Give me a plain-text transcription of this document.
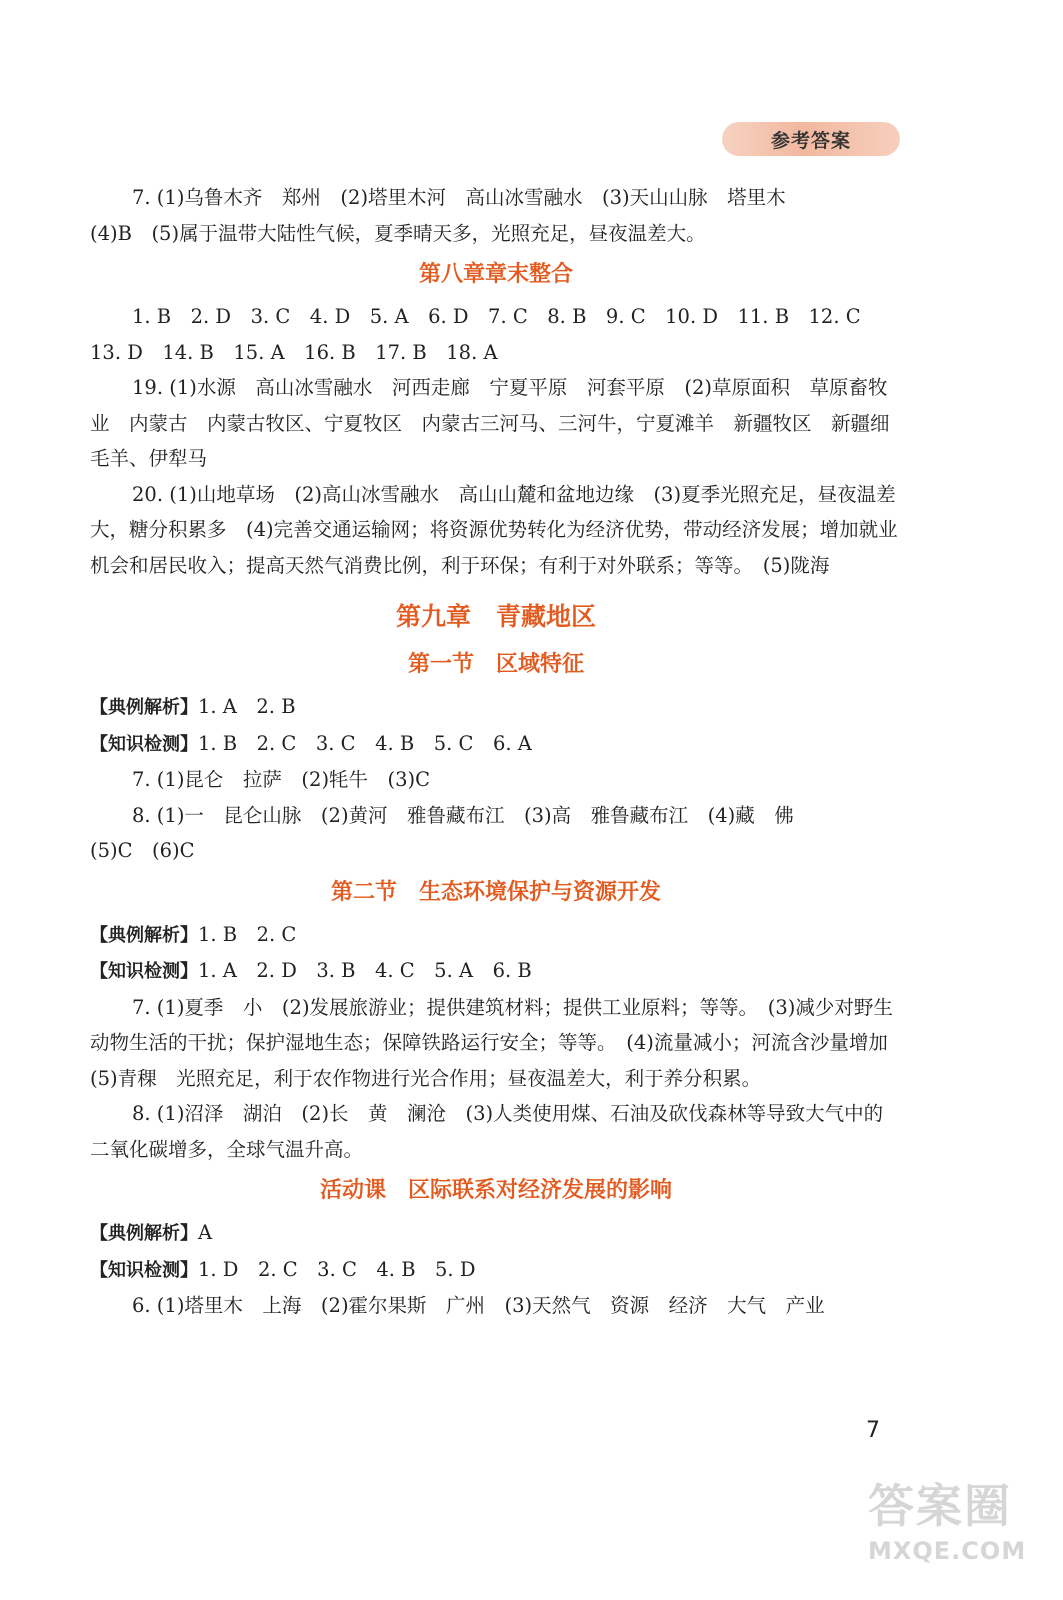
参考答案

7. (1)乌鲁木齐　郑州　(2)塔里木河　高山冰雪融水　(3)天山山脉　塔里木

(4)B　(5)属于温带大陆性气候，夏季晴天多，光照充足，昼夜温差大。

第八章章末整合

1. B　2. D　3. C　4. D　5. A　6. D　7. C　8. B　9. C　10. D　11. B　12. C

13. D　14. B　15. A　16. B　17. B　18. A

19. (1)水源　高山冰雪融水　河西走廊　宁夏平原　河套平原　(2)草原面积　草原畜牧业　内蒙古　内蒙古牧区、宁夏牧区　内蒙古三河马、三河牛，宁夏滩羊　新疆牧区　新疆细毛羊、伊犁马

20. (1)山地草场　(2)高山冰雪融水　高山山麓和盆地边缘　(3)夏季光照充足，昼夜温差大，糖分积累多　(4)完善交通运输网；将资源优势转化为经济优势，带动经济发展；增加就业机会和居民收入；提高天然气消费比例，利于环保；有利于对外联系；等等。　(5)陇海

第九章　青藏地区
第一节　区域特征

【典例解析】1. A　2. B

【知识检测】1. B　2. C　3. C　4. B　5. C　6. A

7. (1)昆仑　拉萨　(2)牦牛　(3)C

8. (1)一　昆仑山脉　(2)黄河　雅鲁藏布江　(3)高　雅鲁藏布江　(4)藏　佛

(5)C　(6)C

第二节　生态环境保护与资源开发

【典例解析】1. B　2. C

【知识检测】1. A　2. D　3. B　4. C　5. A　6. B

7. (1)夏季　小　(2)发展旅游业；提供建筑材料；提供工业原料；等等。　(3)减少对野生动物生活的干扰；保护湿地生态；保障铁路运行安全；等等。　(4)流量减小；河流含沙量增加　(5)青稞　光照充足，利于农作物进行光合作用；昼夜温差大，利于养分积累。

8. (1)沼泽　湖泊　(2)长　黄　澜沧　(3)人类使用煤、石油及砍伐森林等导致大气中的二氧化碳增多，全球气温升高。

活动课　区际联系对经济发展的影响

【典例解析】A

【知识检测】1. D　2. C　3. C　4. B　5. D

6. (1)塔里木　上海　(2)霍尔果斯　广州　(3)天然气　资源　经济　大气　产业

7
答案圈
MXQE.COM
